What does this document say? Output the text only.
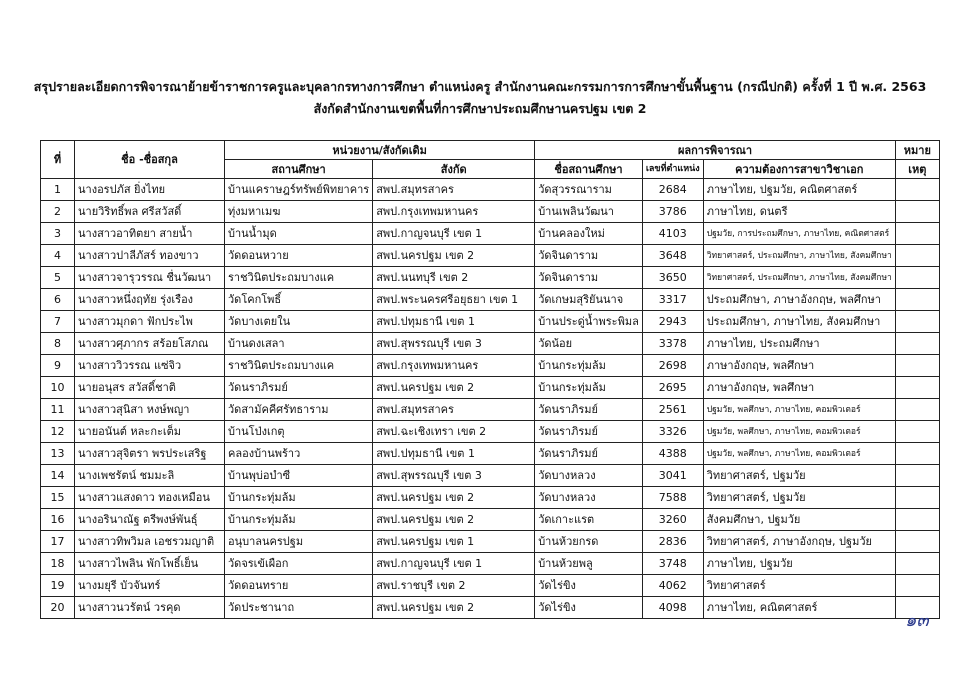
สรุปรายละเอียดการพิจารณาย้ายข้าราชการครูและบุคลากรทางการศึกษา ตำแหน่งครู สำนักงานคณะกรรมการการศึกษาขั้นพื้นฐาน (กรณีปกติ) ครั้งที่ 1 ปี พ.ศ. 2563
สังกัดสำนักงานเขตพื้นที่การศึกษาประถมศึกษานครปฐม เขต 2
ที่	ชื่อ -ชื่อสกุล	หน่วยงาน/สังกัดเดิม		ผลการพิจารณา			หมาย
		สถานศึกษา	สังกัด	ชื่อสถานศึกษา	เลขที่ตำแหน่ง	ความต้องการสาขาวิชาเอก	เหตุ
1	นางอรปภัส ยิ่งไทย	บ้านแคราษฎร์ทรัพย์พิทยาคาร	สพป.สมุทรสาคร	วัดสุวรรณาราม	2684	ภาษาไทย, ปฐมวัย, คณิตศาสตร์	
2	นายวิริทธิ์พล ศรีสวัสดิ์	ทุ่งมหาเมฆ	สพป.กรุงเทพมหานคร	บ้านเพลินวัฒนา	3786	ภาษาไทย, ดนตรี	
3	นางสาวอาทิตยา สายน้ำ	บ้านน้ำมุด	สพป.กาญจนบุรี เขต 1	บ้านคลองใหม่	4103	ปฐมวัย, การประถมศึกษา, ภาษาไทย, คณิตศาสตร์	
4	นางสาวปาลีภัสร์ ทองขาว	วัดดอนหวาย	สพป.นครปฐม เขต 2	วัดจินดาราม	3648	วิทยาศาสตร์, ประถมศึกษา, ภาษาไทย, สังคมศึกษา	
5	นางสาวจารุวรรณ ชื่นวัฒนา	ราชวินิตประถมบางแค	สพป.นนทบุรี เขต 2	วัดจินดาราม	3650	วิทยาศาสตร์, ประถมศึกษา, ภาษาไทย, สังคมศึกษา	
6	นางสาวหนึ่งฤทัย รุ่งเรือง	วัดโคกโพธิ์	สพป.พระนครศรีอยุธยา เขต 1	วัดเกษมสุริยันนาจ	3317	ประถมศึกษา, ภาษาอังกฤษ, พลศึกษา	
7	นางสาวมุกดา ฟักประไพ	วัดบางเตยใน	สพป.ปทุมธานี เขต 1	บ้านประดู่น้ำพระพิมล	2943	ประถมศึกษา, ภาษาไทย, สังคมศึกษา	
8	นางสาวศุภากร สร้อยโสภณ	บ้านดงเสลา	สพป.สุพรรณบุรี เขต 3	วัดน้อย	3378	ภาษาไทย, ประถมศึกษา	
9	นางสาววิวรรณ แซ่จิว	ราชวินิตประถมบางแค	สพป.กรุงเทพมหานคร	บ้านกระทุ่มล้ม	2698	ภาษาอังกฤษ, พลศึกษา	
10	นายอนุสร สวัสดิ์ชาติ	วัดนราภิรมย์	สพป.นครปฐม เขต 2	บ้านกระทุ่มล้ม	2695	ภาษาอังกฤษ, พลศึกษา	
11	นางสาวสุนิสา หงษ์พญา	วัดสามัคคีศรัทธาราม	สพป.สมุทรสาคร	วัดนราภิรมย์	2561	ปฐมวัย, พลศึกษา, ภาษาไทย, คอมพิวเตอร์	
12	นายอนันต์ หละกะเต็ม	บ้านโป่งเกตุ	สพป.ฉะเชิงเทรา เขต 2	วัดนราภิรมย์	3326	ปฐมวัย, พลศึกษา, ภาษาไทย, คอมพิวเตอร์	
13	นางสาวสุจิตรา พรประเสริฐ	คลองบ้านพร้าว	สพป.ปทุมธานี เขต 1	วัดนราภิรมย์	4388	ปฐมวัย, พลศึกษา, ภาษาไทย, คอมพิวเตอร์	
14	นางเพชรัตน์ ชมมะลิ	บ้านพุบ่อบำซี	สพป.สุพรรณบุรี เขต 3	วัดบางหลวง	3041	วิทยาศาสตร์, ปฐมวัย	
15	นางสาวแสงดาว ทองเหมือน	บ้านกระทุ่มล้ม	สพป.นครปฐม เขต 2	วัดบางหลวง	7588	วิทยาศาสตร์, ปฐมวัย	
16	นางอรินาณัฐ ตรีพงษ์พันธุ์	บ้านกระทุ่มล้ม	สพป.นครปฐม เขต 2	วัดเกาะแรต	3260	สังคมศึกษา, ปฐมวัย	
17	นางสาวทิพวิมล เอชรวมญาติ	อนุบาลนครปฐม	สพป.นครปฐม เขต 1	บ้านห้วยกรด	2836	วิทยาศาสตร์, ภาษาอังกฤษ, ปฐมวัย	
18	นางสาวไพลิน พักโพธิ์เย็น	วัดจรเข้เผือก	สพป.กาญจนบุรี เขต 1	บ้านห้วยพลู	3748	ภาษาไทย, ปฐมวัย	
19	นางมยุรี บัวจันทร์	วัดดอนทราย	สพป.ราชบุรี เขต 2	วัดไร่ขิง	4062	วิทยาศาสตร์	
20	นางสาวนวรัตน์ วรคุด	วัดประชานาถ	สพป.นครปฐม เขต 2	วัดไร่ขิง	4098	ภาษาไทย, คณิตศาสตร์	
๑๓
